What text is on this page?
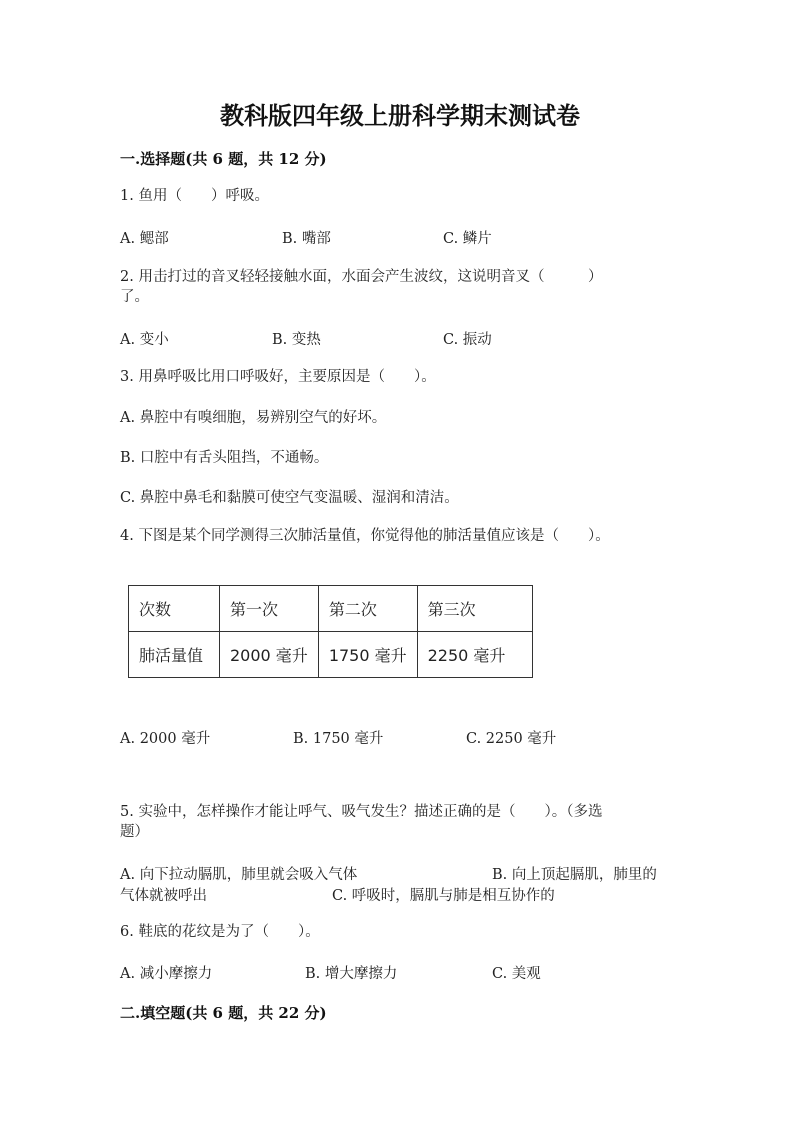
教科版四年级上册科学期末测试卷
一.选择题(共 6 题，共 12 分)
1. 鱼用（　　）呼吸。
A. 鳃部	B. 嘴部	C. 鳞片
2. 用击打过的音叉轻轻接触水面，水面会产生波纹，这说明音叉（　　　）
了。
A. 变小	B. 变热	C. 振动
3. 用鼻呼吸比用口呼吸好，主要原因是（　　）。
A. 鼻腔中有嗅细胞，易辨别空气的好坏。
B. 口腔中有舌头阻挡，不通畅。
C. 鼻腔中鼻毛和黏膜可使空气变温暖、湿润和清洁。
4. 下图是某个同学测得三次肺活量值，你觉得他的肺活量值应该是（　　）。
次数	第一次	第二次	第三次
肺活量值	2000 毫升	1750 毫升	2250 毫升
A. 2000 毫升	B. 1750 毫升	C. 2250 毫升
5. 实验中，怎样操作才能让呼气、吸气发生？描述正确的是（　　）。（多选
题）
A. 向下拉动膈肌，肺里就会吸入气体	B. 向上顶起膈肌，肺里的
气体就被呼出	C. 呼吸时，膈肌与肺是相互协作的
6. 鞋底的花纹是为了（　　）。
A. 减小摩擦力	B. 增大摩擦力	C. 美观
二.填空题(共 6 题，共 22 分)
